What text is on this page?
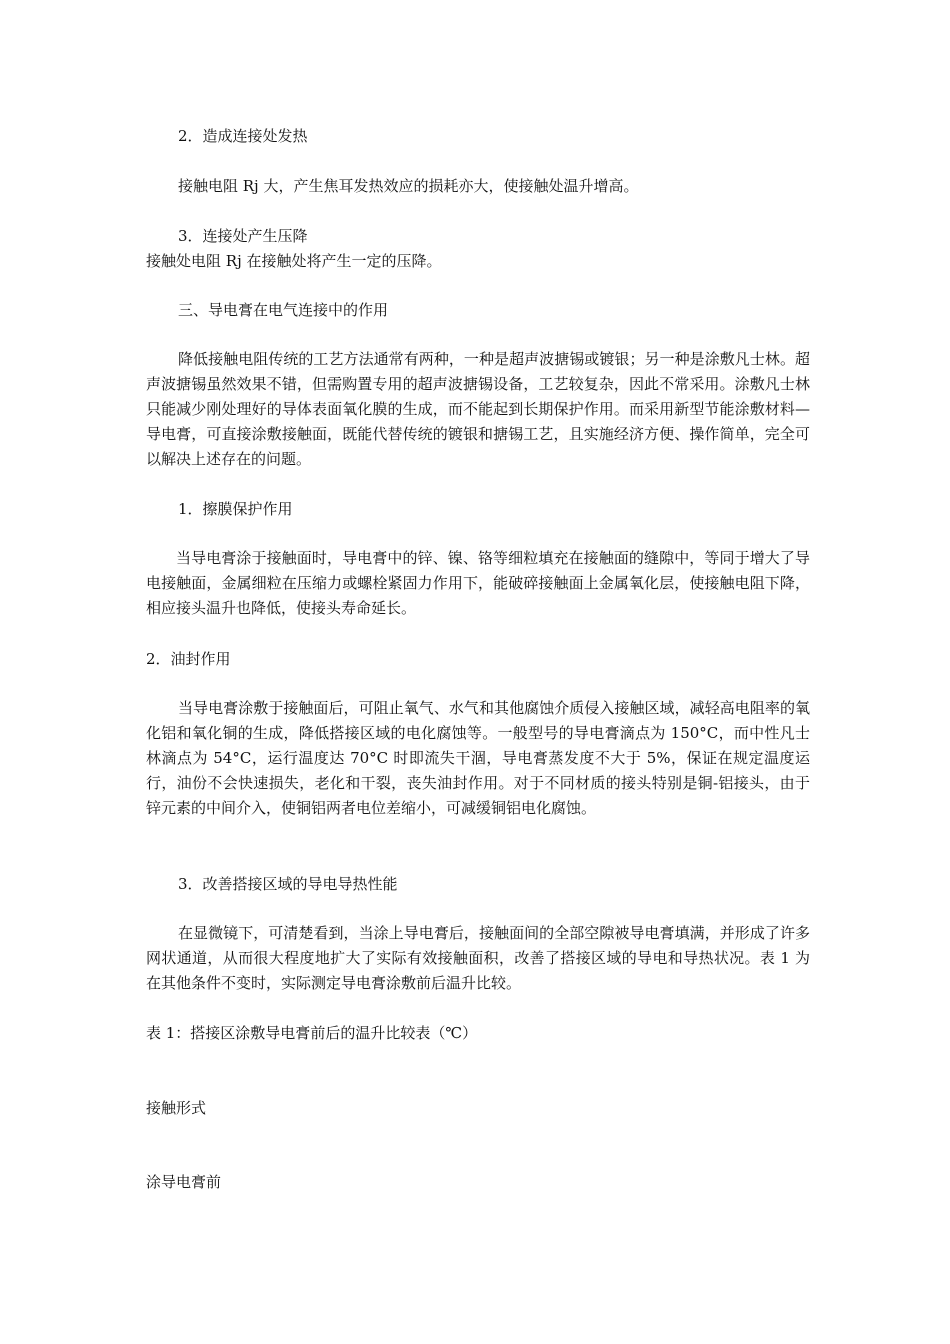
2．造成连接处发热

接触电阻 Rj 大，产生焦耳发热效应的损耗亦大，使接触处温升增高。

3．连接处产生压降

接触处电阻 Rj 在接触处将产生一定的压降。

三、导电膏在电气连接中的作用

降低接触电阻传统的工艺方法通常有两种，一种是超声波搪锡或镀银；另一种是涂敷凡士林。超声波搪锡虽然效果不错，但需购置专用的超声波搪锡设备，工艺较复杂，因此不常采用。涂敷凡士林只能减少刚处理好的导体表面氧化膜的生成，而不能起到长期保护作用。而采用新型节能涂敷材料—导电膏，可直接涂敷接触面，既能代替传统的镀银和搪锡工艺，且实施经济方便、操作简单，完全可以解决上述存在的问题。

1．擦膜保护作用

当导电膏涂于接触面时，导电膏中的锌、镍、铬等细粒填充在接触面的缝隙中，等同于增大了导电接触面，金属细粒在压缩力或螺栓紧固力作用下，能破碎接触面上金属氧化层，使接触电阻下降，相应接头温升也降低，使接头寿命延长。

2．油封作用

当导电膏涂敷于接触面后，可阻止氧气、水气和其他腐蚀介质侵入接触区域，减轻高电阻率的氧化铝和氧化铜的生成，降低搭接区域的电化腐蚀等。一般型号的导电膏滴点为 150°C，而中性凡士林滴点为 54°C，运行温度达 70°C 时即流失干涸，导电膏蒸发度不大于 5%，保证在规定温度运行，油份不会快速损失，老化和干裂，丧失油封作用。对于不同材质的接头特别是铜-铝接头，由于锌元素的中间介入，使铜铝两者电位差缩小，可减缓铜铝电化腐蚀。

3．改善搭接区域的导电导热性能

在显微镜下，可清楚看到，当涂上导电膏后，接触面间的全部空隙被导电膏填满，并形成了许多网状通道，从而很大程度地扩大了实际有效接触面积，改善了搭接区域的导电和导热状况。表 1 为在其他条件不变时，实际测定导电膏涂敷前后温升比较。

表 1：搭接区涂敷导电膏前后的温升比较表（℃）

接触形式

涂导电膏前
